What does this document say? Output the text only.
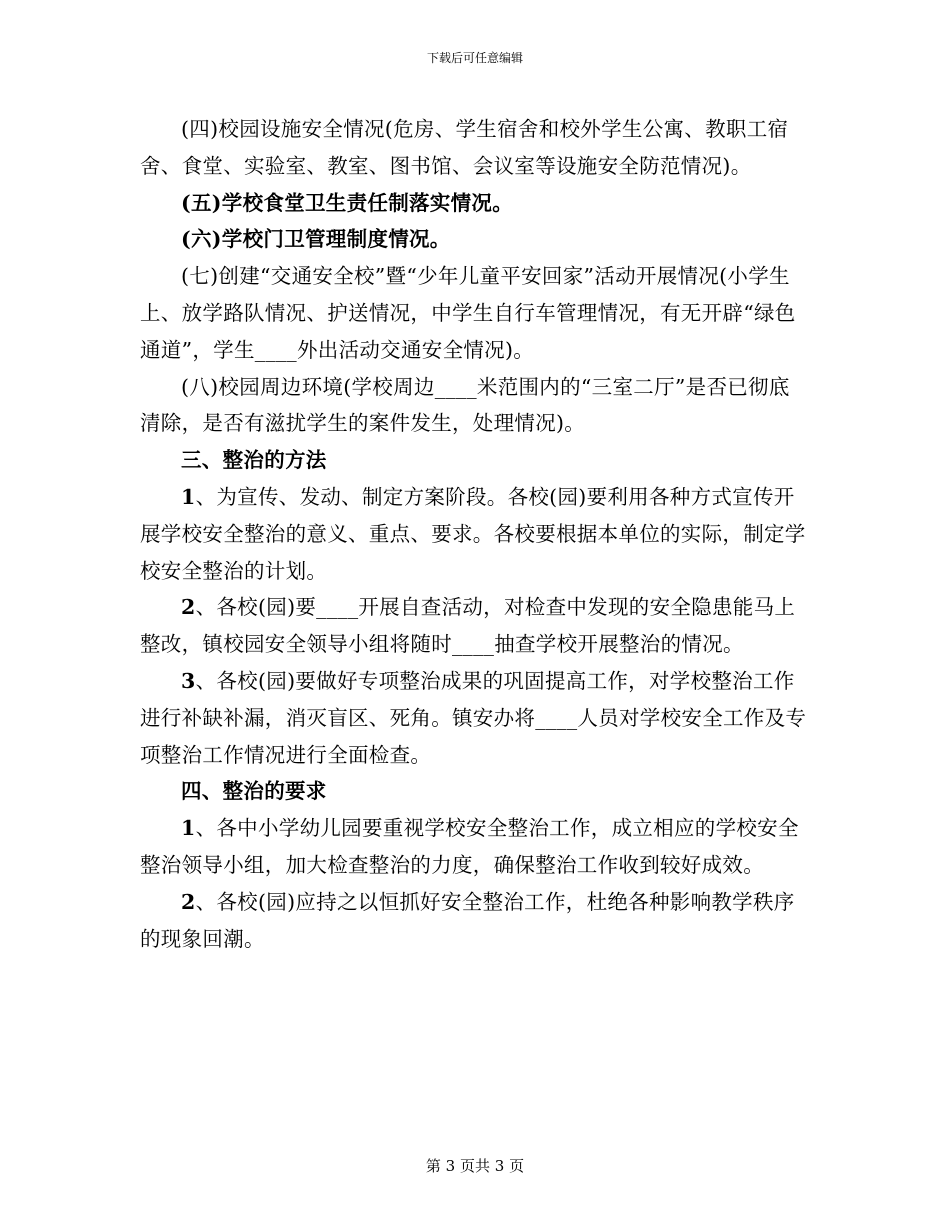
下载后可任意编辑

(四)校园设施安全情况(危房、学生宿舍和校外学生公寓、教职工宿舍、食堂、实验室、教室、图书馆、会议室等设施安全防范情况)。

(五)学校食堂卫生责任制落实情况。

(六)学校门卫管理制度情况。

(七)创建“交通安全校”暨“少年儿童平安回家”活动开展情况(小学生上、放学路队情况、护送情况，中学生自行车管理情况，有无开辟“绿色通道”，学生____外出活动交通安全情况)。

(八)校园周边环境(学校周边____米范围内的“三室二厅”是否已彻底清除，是否有滋扰学生的案件发生，处理情况)。

三、整治的方法

1、为宣传、发动、制定方案阶段。各校(园)要利用各种方式宣传开展学校安全整治的意义、重点、要求。各校要根据本单位的实际，制定学校安全整治的计划。

2、各校(园)要____开展自查活动，对检查中发现的安全隐患能马上整改，镇校园安全领导小组将随时____抽查学校开展整治的情况。

3、各校(园)要做好专项整治成果的巩固提高工作，对学校整治工作进行补缺补漏，消灭盲区、死角。镇安办将____人员对学校安全工作及专项整治工作情况进行全面检查。

四、整治的要求

1、各中小学幼儿园要重视学校安全整治工作，成立相应的学校安全整治领导小组，加大检查整治的力度，确保整治工作收到较好成效。

2、各校(园)应持之以恒抓好安全整治工作，杜绝各种影响教学秩序的现象回潮。

第 3 页共 3 页
